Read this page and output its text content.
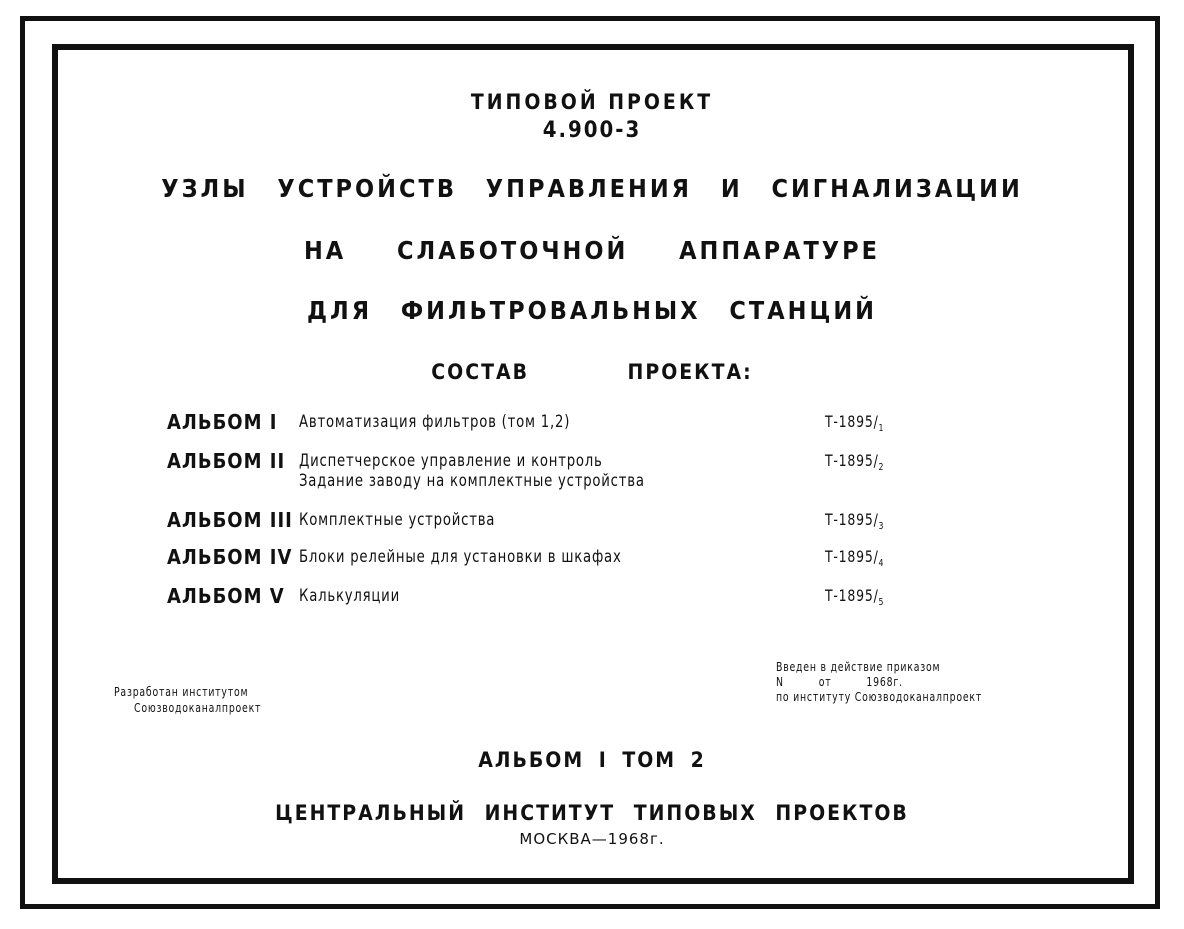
ТИПОВОЙ ПРОЕКТ
4.900-3
УЗЛЫ УСТРОЙСТВ УПРАВЛЕНИЯ И СИГНАЛИЗАЦИИ
НА СЛАБОТОЧНОЙ АППАРАТУРЕ
ДЛЯ ФИЛЬТРОВАЛЬНЫХ СТАНЦИЙ
СОСТАВ ПРОЕКТА:
АЛЬБОМ I Автоматизация фильтров (том 1,2)	$Т-1895/_1$
АЛЬБОМ II Диспетчерское управление и контроль
Задание заводу на комплектные устройства
$Т-1895/_2$
АЛЬБОМ III Комплектные устройства	$Т-1895/_3$
АЛЬБОМ IV Блоки релейные для установки в шкафах	$Т-1895/_4$
АЛЬБОМ V Калькуляции	$Т-1895/_5$
Разработан институтом
Союзводоканалпроект
Введен в действие приказом
N от 1968г.
по институту Союзводоканалпроект
АЛЬБОМ I ТОМ 2
ЦЕНТРАЛЬНЫЙ ИНСТИТУТ ТИПОВЫХ ПРОЕКТОВ
МОСКВА—1968г.
